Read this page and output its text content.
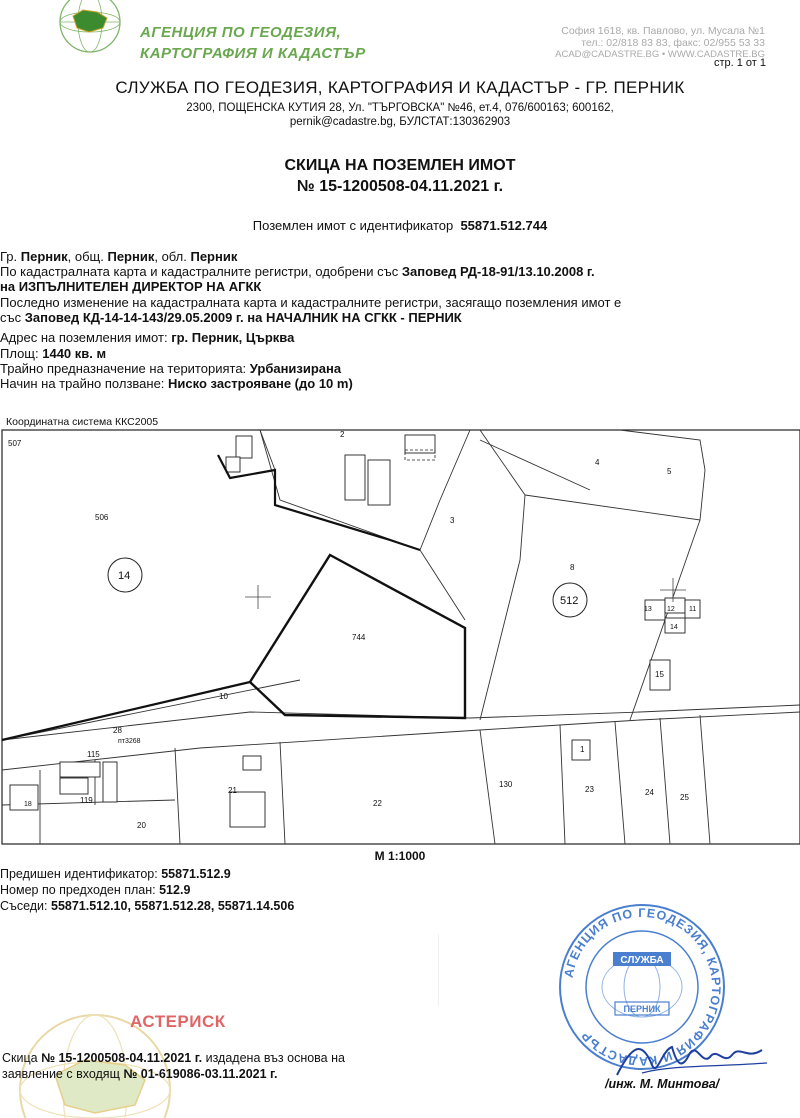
АГЕНЦИЯ ПО ГЕОДЕЗИЯ,
КАРТОГРАФИЯ И КАДАСТЪР
София 1618, кв. Павлово, ул. Мусала №1
тел.: 02/818 83 83, факс: 02/955 53 33
ACAD@CADASTRE.BG • WWW.CADASTRE.BG
стр. 1 от 1
СЛУЖБА ПО ГЕОДЕЗИЯ, КАРТОГРАФИЯ И КАДАСТЪР - ГР. ПЕРНИК
2300, ПОЩЕНСКА КУТИЯ 28, Ул. "ТЪРГОВСКА" №46, ет.4, 076/600163; 600162,
pernik@cadastre.bg, БУЛСТАТ:130362903
СКИЦА НА ПОЗЕМЛЕН ИМОТ
№ 15-1200508-04.11.2021 г.
Поземлен имот с идентификатор 55871.512.744
Гр. Перник, общ. Перник, обл. Перник
По кадастралната карта и кадастралните регистри, одобрени със Заповед РД-18-91/13.10.2008 г.
на ИЗПЪЛНИТЕЛЕН ДИРЕКТОР НА АГКК
Последно изменение на кадастралната карта и кадастралните регистри, засягащо поземления имот е
със Заповед КД-14-14-143/29.05.2009 г. на НАЧАЛНИК НА СГКК - ПЕРНИК
Адрес на поземления имот: гр. Перник, Църква
Площ: 1440 кв. м
Трайно предназначение на територията: Урбанизирана
Начин на трайно ползване: Ниско застрояване (до 10 m)
Координатна система ККС2005
744
506
507
14
512
2
3
4
5
8
10
15
28
пт3268
115
130
22
23	24
25
20
21
1
119
13 12 11
14
18
М 1:1000
Предишен идентификатор: 55871.512.9
Номер по предходен план: 512.9
Съседи: 55871.512.10, 55871.512.28, 55871.14.506
АСТЕРИСК
Скица № 15-1200508-04.11.2021 г. издадена въз основа на
заявление с входящ № 01-619086-03.11.2021 г.
АГЕНЦИЯ ПО ГЕОДЕЗИЯ, КАРТОГРАФИЯ И КАДАСТЪР
СЛУЖБА
ПЕРНИК
/инж. М. Минтова/
